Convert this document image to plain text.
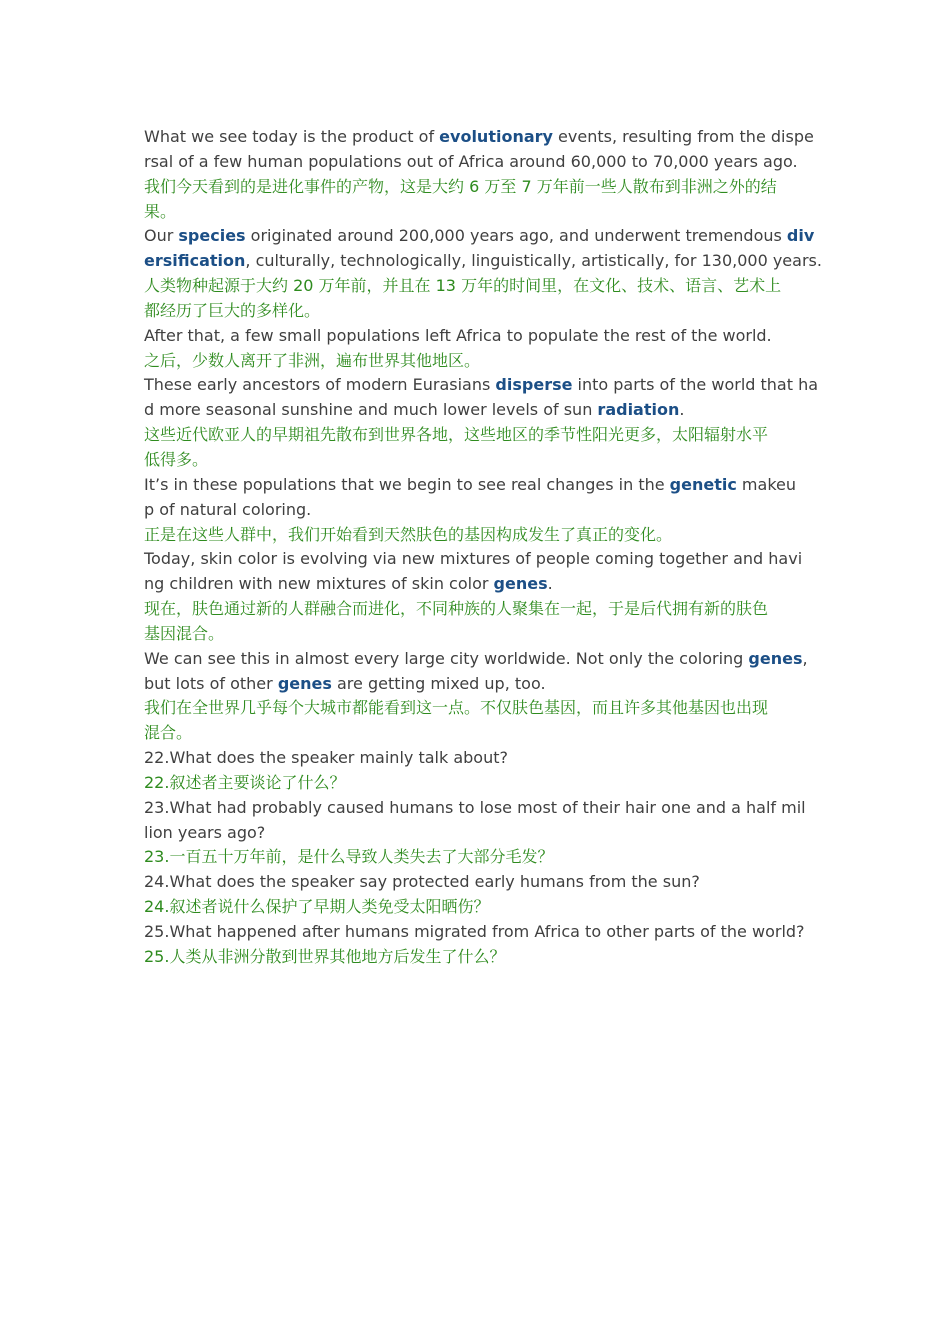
What we see today is the product of evolutionary events, resulting from the dispe

rsal of a few human populations out of Africa around 60,000 to 70,000 years ago.

我们今天看到的是进化事件的产物，这是大约 6 万至 7 万年前一些人散布到非洲之外的结

果。

Our species originated around 200,000 years ago, and underwent tremendous div

ersification, culturally, technologically, linguistically, artistically, for 130,000 years.

人类物种起源于大约 20 万年前，并且在 13 万年的时间里，在文化、技术、语言、艺术上

都经历了巨大的多样化。

After that, a few small populations left Africa to populate the rest of the world.

之后，少数人离开了非洲，遍布世界其他地区。

These early ancestors of modern Eurasians disperse into parts of the world that ha

d more seasonal sunshine and much lower levels of sun radiation.

这些近代欧亚人的早期祖先散布到世界各地，这些地区的季节性阳光更多，太阳辐射水平

低得多。

It’s in these populations that we begin to see real changes in the genetic makeu

p of natural coloring.

正是在这些人群中，我们开始看到天然肤色的基因构成发生了真正的变化。

Today, skin color is evolving via new mixtures of people coming together and havi

ng children with new mixtures of skin color genes.

现在，肤色通过新的人群融合而进化，不同种族的人聚集在一起，于是后代拥有新的肤色

基因混合。

We can see this in almost every large city worldwide. Not only the coloring genes,

but lots of other genes are getting mixed up, too.

我们在全世界几乎每个大城市都能看到这一点。不仅肤色基因，而且许多其他基因也出现

混合。

22.What does the speaker mainly talk about?

22.叙述者主要谈论了什么？

23.What had probably caused humans to lose most of their hair one and a half mil

lion years ago?

23.一百五十万年前，是什么导致人类失去了大部分毛发？

24.What does the speaker say protected early humans from the sun?

24.叙述者说什么保护了早期人类免受太阳晒伤？

25.What happened after humans migrated from Africa to other parts of the world?

25.人类从非洲分散到世界其他地方后发生了什么？
